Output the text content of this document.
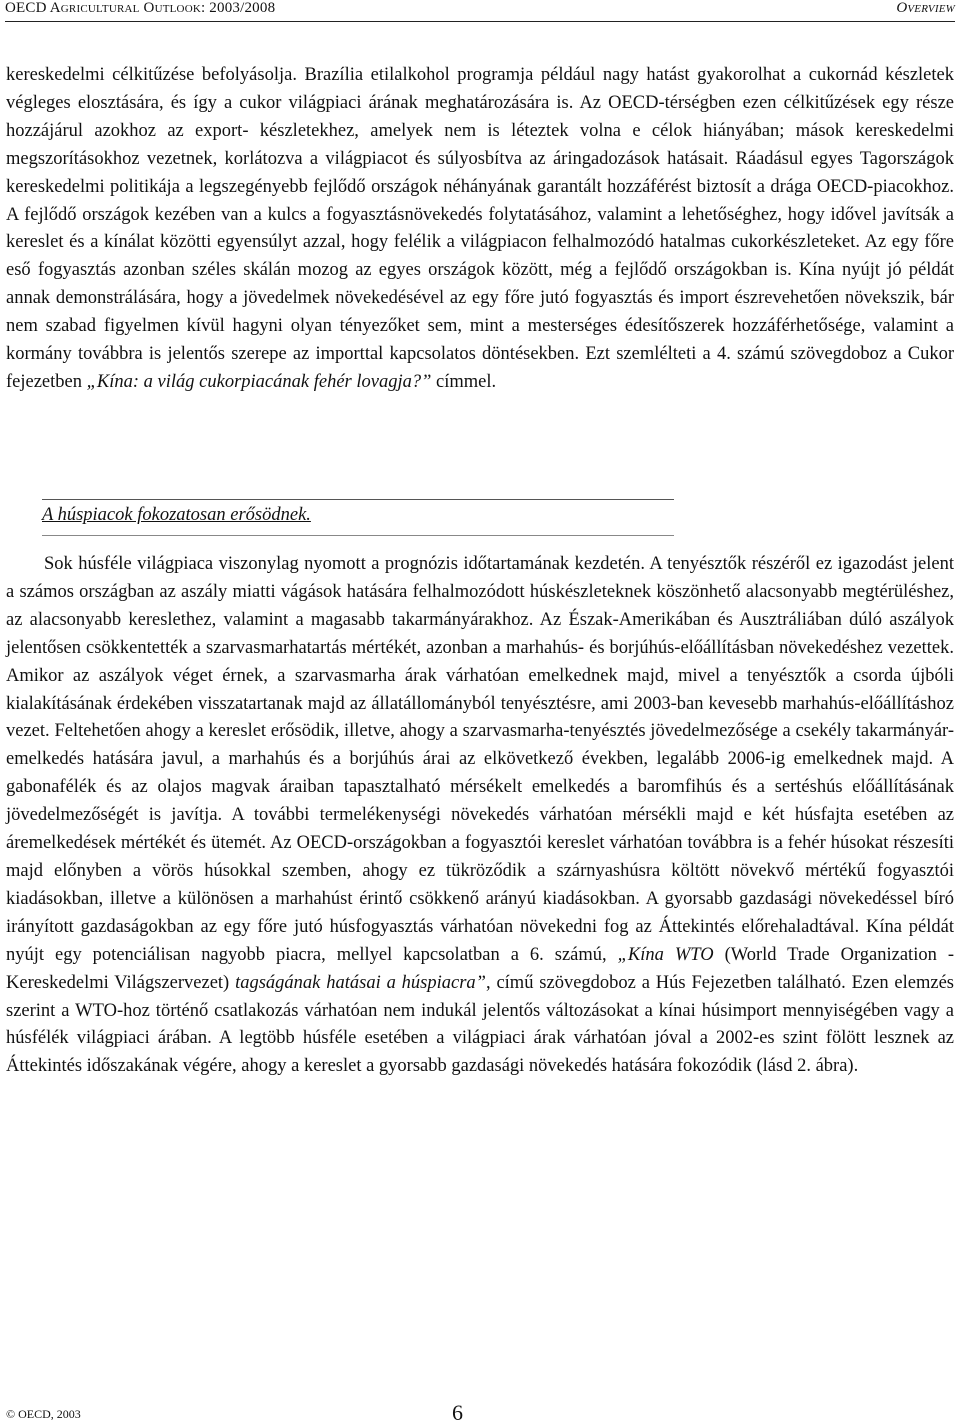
OECD Agricultural Outlook: 2003/2008	Overview
kereskedelmi célkitűzése befolyásolja. Brazília etilalkohol programja például nagy hatást gyakorolhat a cukornád készletek végleges elosztására, és így a cukor világpiaci árának meghatározására is. Az OECD-térségben ezen célkitűzések egy része hozzájárul azokhoz az export- készletekhez, amelyek nem is léteztek volna e célok hiányában; mások kereskedelmi megszorításokhoz vezetnek, korlátozva a világpiacot és súlyosbítva az áringadozások hatásait. Ráadásul egyes Tagországok kereskedelmi politikája a legszegényebb fejlődő országok néhányának garantált hozzáférést biztosít a drága OECD-piacokhoz. A fejlődő országok kezében van a kulcs a fogyasztásnövekedés folytatásához, valamint a lehetőséghez, hogy idővel javítsák a kereslet és a kínálat közötti egyensúlyt azzal, hogy felélik a világpiacon felhalmozódó hatalmas cukorkészleteket. Az egy főre eső fogyasztás azonban széles skálán mozog az egyes országok között, még a fejlődő országokban is. Kína nyújt jó példát annak demonstrálására, hogy a jövedelmek növekedésével az egy főre jutó fogyasztás és import észrevehetően növekszik, bár nem szabad figyelmen kívül hagyni olyan tényezőket sem, mint a mesterséges édesítőszerek hozzáférhetősége, valamint a kormány továbbra is jelentős szerepe az importtal kapcsolatos döntésekben. Ezt szemlélteti a 4. számú szövegdoboz a Cukor fejezetben „Kína: a világ cukorpiacának fehér lovagja?” címmel.
A húspiacok fokozatosan erősödnek.
Sok húsféle világpiaca viszonylag nyomott a prognózis időtartamának kezdetén. A tenyésztők részéről ez igazodást jelent a számos országban az aszály miatti vágások hatására felhalmozódott húskészleteknek köszönhető alacsonyabb megtérüléshez, az alacsonyabb kereslethez, valamint a magasabb takarmányárakhoz. Az Észak-Amerikában és Ausztráliában dúló aszályok jelentősen csökkentették a szarvasmarhatartás mértékét, azonban a marhahús- és borjúhús-előállításban növekedéshez vezettek. Amikor az aszályok véget érnek, a szarvasmarha árak várhatóan emelkednek majd, mivel a tenyésztők a csorda újbóli kialakításának érdekében visszatartanak majd az állatállományból tenyésztésre, ami 2003-ban kevesebb marhahús-előállításhoz vezet. Feltehetően ahogy a kereslet erősödik, illetve, ahogy a szarvasmarha-tenyésztés jövedelmezősége a csekély takarmányár-emelkedés hatására javul, a marhahús és a borjúhús árai az elkövetkező években, legalább 2006-ig emelkednek majd. A gabonafélék és az olajos magvak áraiban tapasztalható mérsékelt emelkedés a baromfihús és a sertéshús előállításának jövedelmezőségét is javítja. A további termelékenységi növekedés várhatóan mérsékli majd e két húsfajta esetében az áremelkedések mértékét és ütemét. Az OECD-országokban a fogyasztói kereslet várhatóan továbbra is a fehér húsokat részesíti majd előnyben a vörös húsokkal szemben, ahogy ez tükröződik a szárnyashúsra költött növekvő mértékű fogyasztói kiadásokban, illetve a különösen a marhahúst érintő csökkenő arányú kiadásokban. A gyorsabb gazdasági növekedéssel bíró irányított gazdaságokban az egy főre jutó húsfogyasztás várhatóan növekedni fog az Áttekintés előrehaladtával. Kína példát nyújt egy potenciálisan nagyobb piacra, mellyel kapcsolatban a 6. számú, „Kína WTO (World Trade Organization - Kereskedelmi Világszervezet) tagságának hatásai a húspiacra”, című szövegdoboz a Hús Fejezetben található. Ezen elemzés szerint a WTO-hoz történő csatlakozás várhatóan nem indukál jelentős változásokat a kínai húsimport mennyiségében vagy a húsfélék világpiaci árában. A legtöbb húsféle esetében a világpiaci árak várhatóan jóval a 2002-es szint fölött lesznek az Áttekintés időszakának végére, ahogy a kereslet a gyorsabb gazdasági növekedés hatására fokozódik (lásd 2. ábra).
© OECD, 2003	6
